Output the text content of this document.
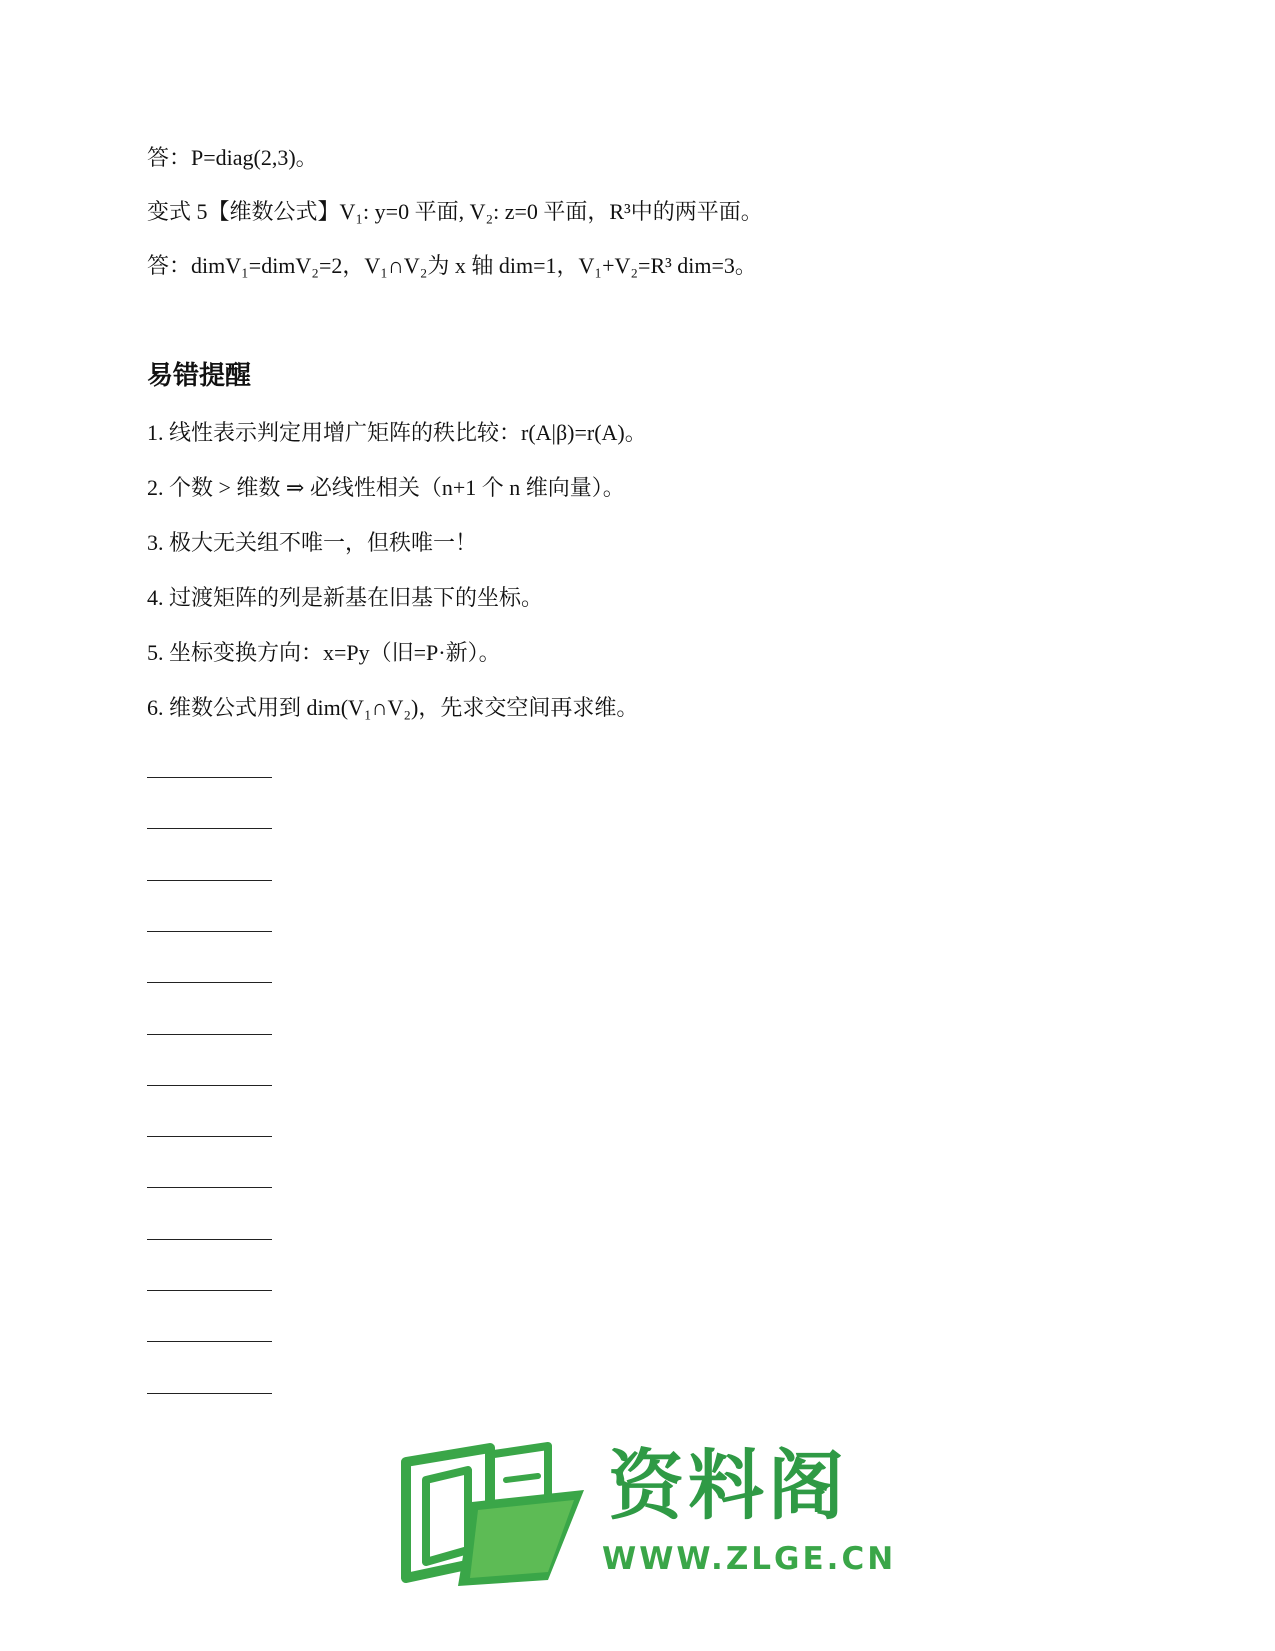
答：P=diag(2,3)。
变式 5【维数公式】V₁: y=0 平面, V₂: z=0 平面，R³中的两平面。
答：dimV₁=dimV₂=2，V₁∩V₂为 x 轴 dim=1，V₁+V₂=R³ dim=3。
易错提醒
1. 线性表示判定用增广矩阵的秩比较：r(A|β)=r(A)。
2. 个数 > 维数 ⇒ 必线性相关（n+1 个 n 维向量）。
3. 极大无关组不唯一，但秩唯一！
4. 过渡矩阵的列是新基在旧基下的坐标。
5. 坐标变换方向：x=Py（旧=P·新）。
6. 维数公式用到 dim(V₁∩V₂)，先求交空间再求维。
资料阁
WWW.ZLGE.CN
